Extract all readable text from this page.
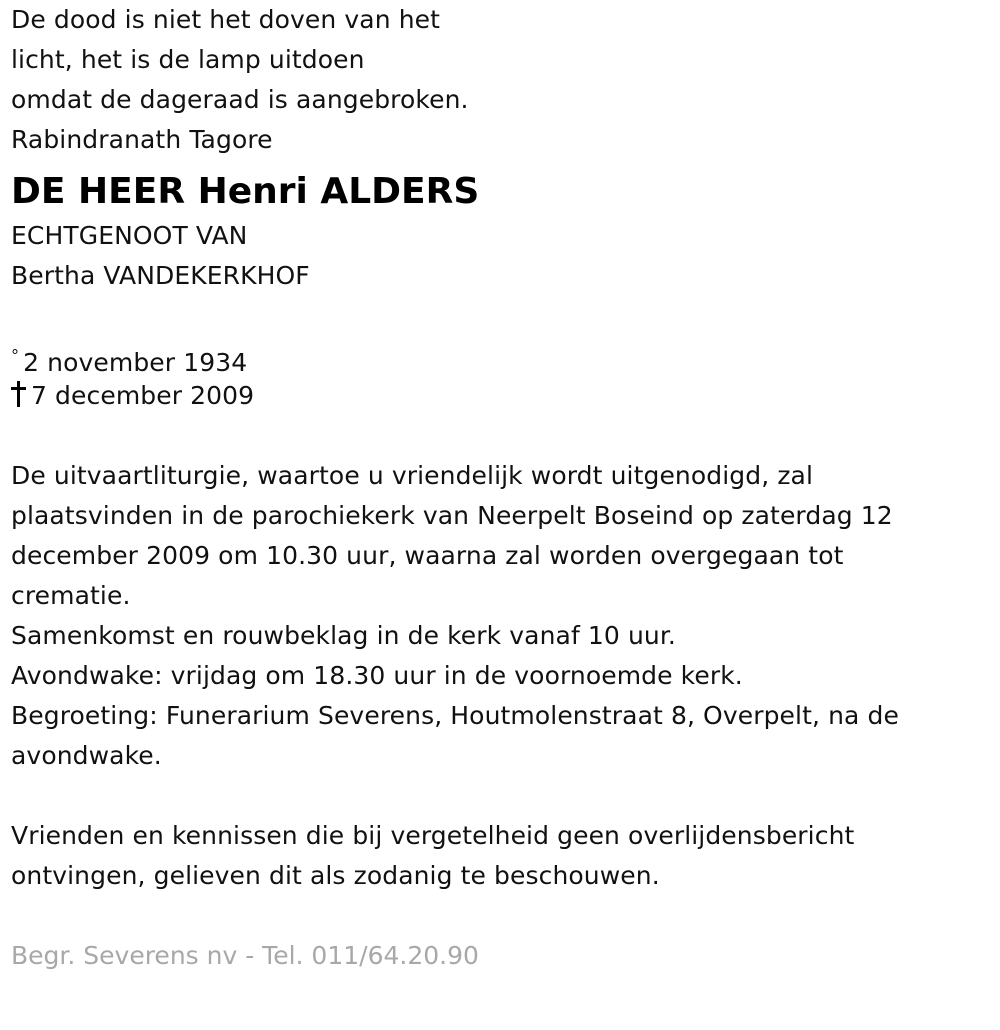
De dood is niet het doven van het
licht, het is de lamp uitdoen
omdat de dageraad is aangebroken.
Rabindranath Tagore
DE HEER Henri ALDERS
ECHTGENOOT VAN
Bertha VANDEKERKHOF
° 2 november 1934
7 december 2009
De uitvaartliturgie, waartoe u vriendelijk wordt uitgenodigd, zal
plaatsvinden in de parochiekerk van Neerpelt Boseind op zaterdag 12
december 2009 om 10.30 uur, waarna zal worden overgegaan tot
crematie.
Samenkomst en rouwbeklag in de kerk vanaf 10 uur.
Avondwake: vrijdag om 18.30 uur in de voornoemde kerk.
Begroeting: Funerarium Severens, Houtmolenstraat 8, Overpelt, na de
avondwake.
Vrienden en kennissen die bij vergetelheid geen overlijdensbericht
ontvingen, gelieven dit als zodanig te beschouwen.
Begr. Severens nv - Tel. 011/64.20.90
